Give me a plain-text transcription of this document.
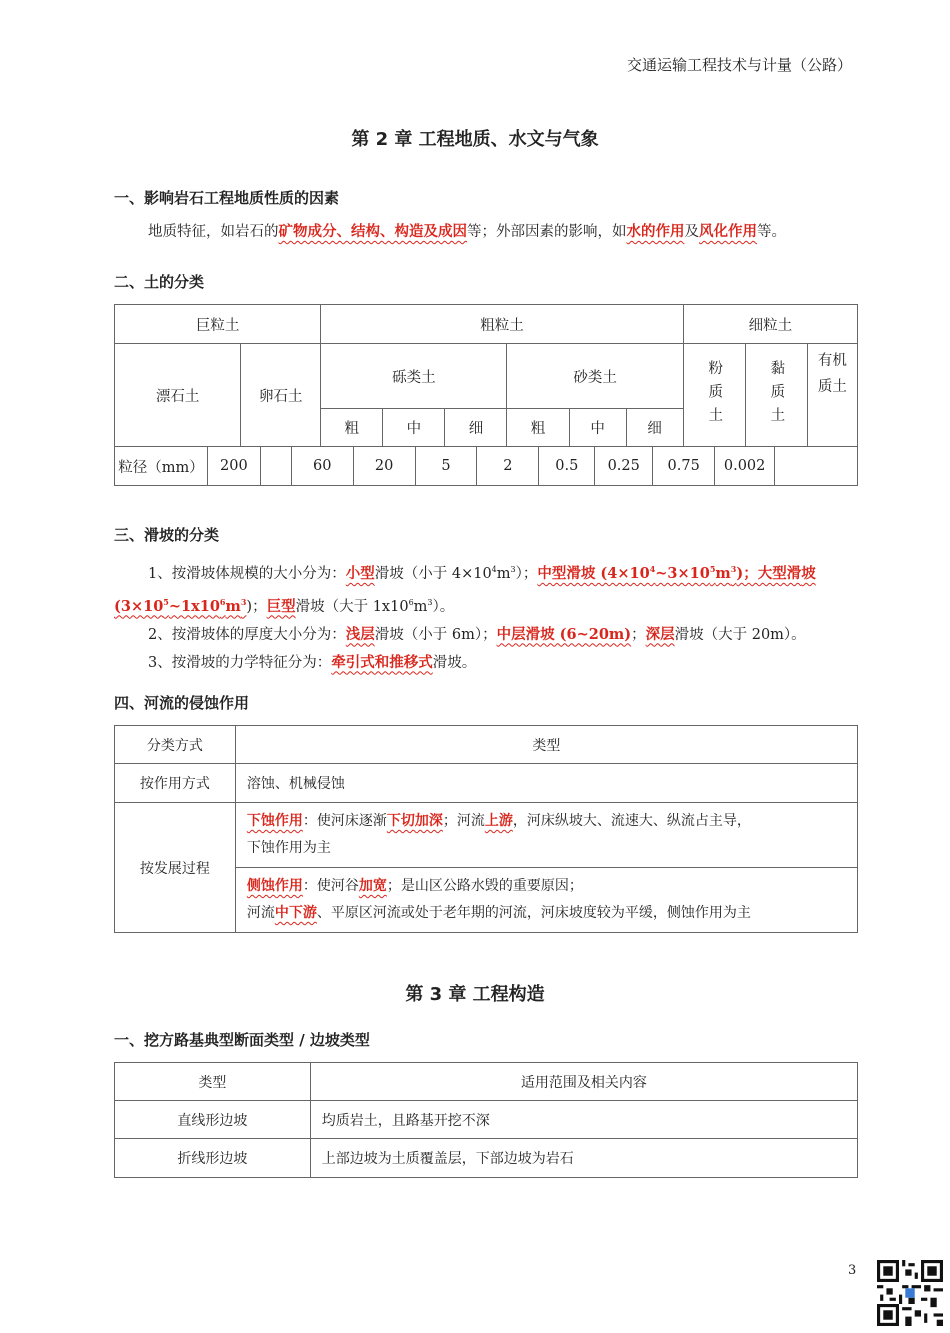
交通运输工程技术与计量（公路）
第 2 章 工程地质、水文与气象
一、影响岩石工程地质性质的因素
地质特征，如岩石的矿物成分、结构、构造及成因等；外部因素的影响，如水的作用及风化作用等。
二、土的分类
巨粒土		粗粒土						细粒土		
漂石土	卵石土	砾类土			砂类土			粉质土	黏质土	有机质土
		粗	中	细	粗	中	细			
粒径（mm）	200		60	20	5	2	0.5	0.25	0.75	0.002	
三、滑坡的分类
1、按滑坡体规模的大小分为：小型滑坡（小于 $4\times 10^4m^3$）；中型滑坡 $(4\times 10^4\sim 3\times 10^5m^3)$；大型滑坡 $(3\times 10^5\sim 1x10^6m^3)$；巨型滑坡（大于 $1x10^6m^3$）。
2、按滑坡体的厚度大小分为：浅层滑坡（小于 6m）；中层滑坡 (6~20m)；深层滑坡（大于 20m）。
3、按滑坡的力学特征分为：牵引式和推移式滑坡。
四、河流的侵蚀作用
分类方式	类型
按作用方式	溶蚀、机械侵蚀
按发展过程	下蚀作用：使河床逐渐下切加深；河流上游，河床纵坡大、流速大、纵流占主导，
下蚀作用为主
	侧蚀作用：使河谷加宽；是山区公路水毁的重要原因；
河流中下游、平原区河流或处于老年期的河流，河床坡度较为平缓，侧蚀作用为主
第 3 章 工程构造
一、挖方路基典型断面类型 / 边坡类型
类型	适用范围及相关内容
直线形边坡	均质岩土，且路基开挖不深
折线形边坡	上部边坡为土质覆盖层，下部边坡为岩石
3
